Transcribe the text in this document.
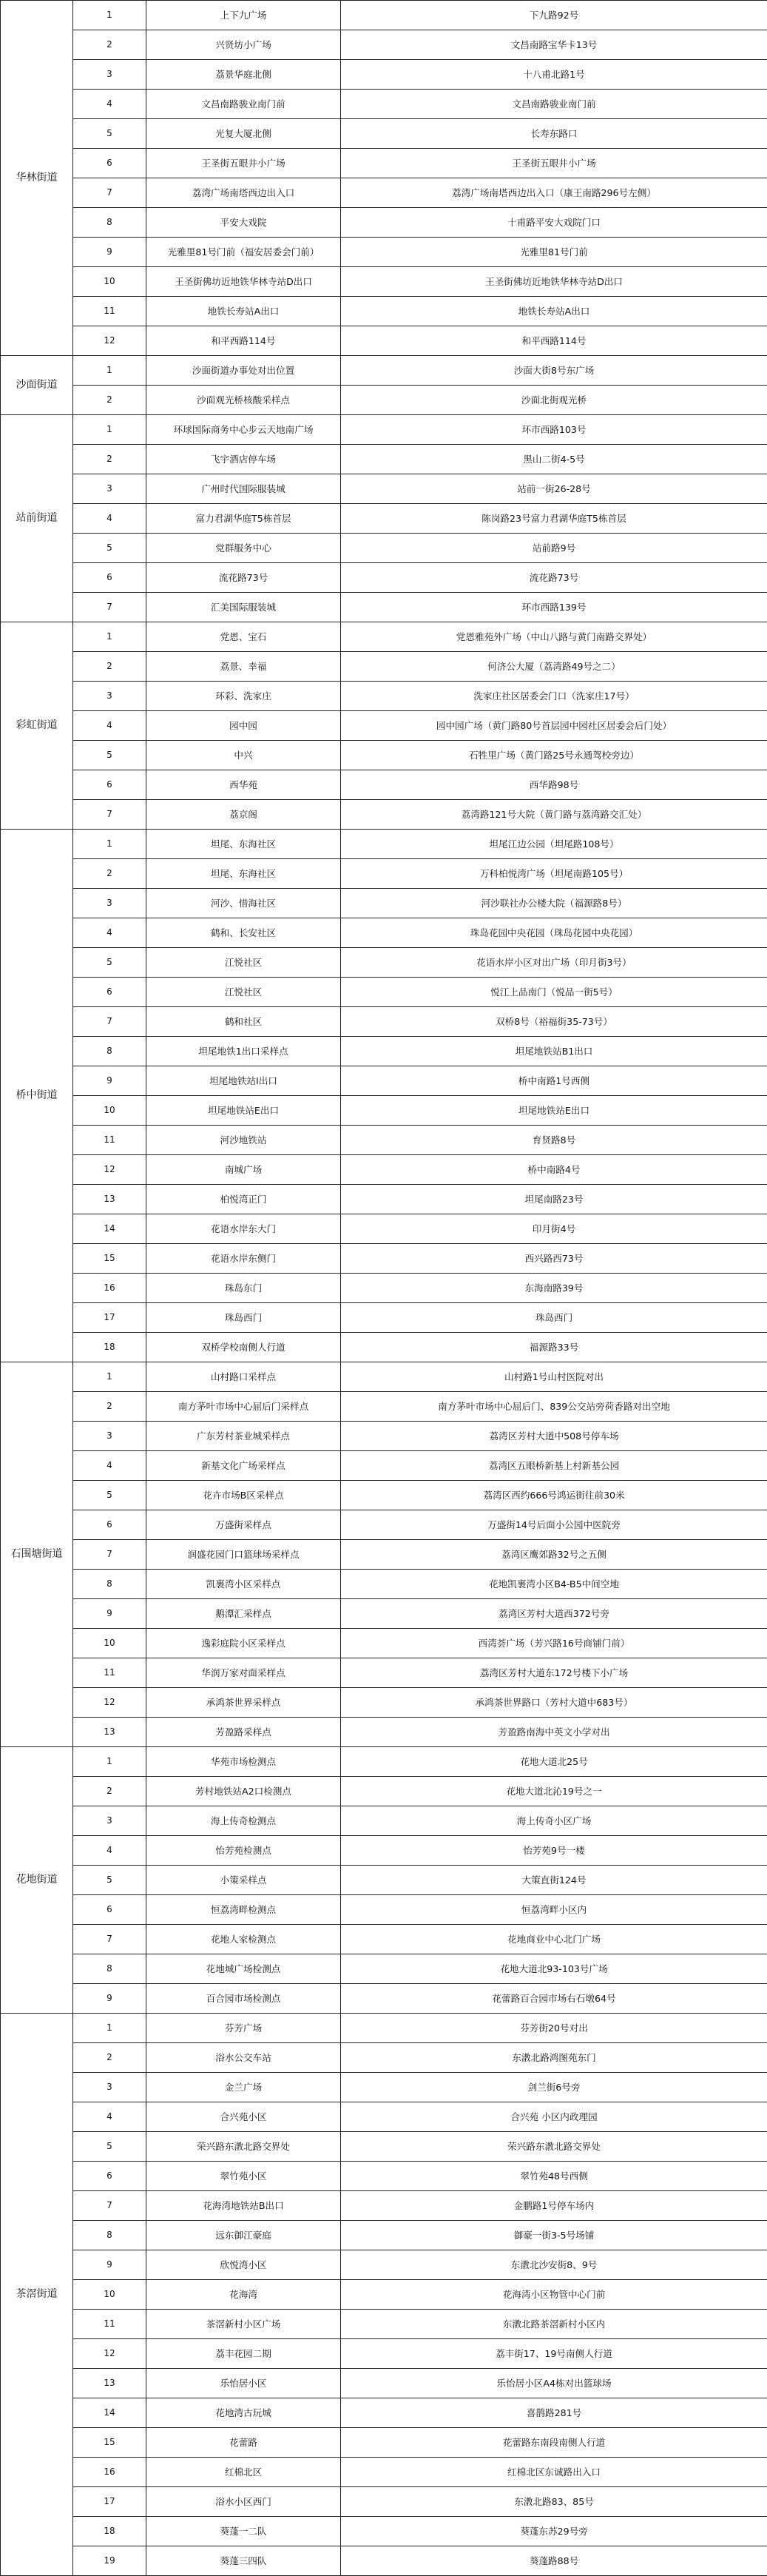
华林街道	1	上下九广场	下九路92号
	2	兴贤坊小广场	文昌南路宝华卡13号
	3	荔景华庭北侧	十八甫北路1号
	4	文昌南路骏业南门前	文昌南路骏业南门前
	5	光复大厦北侧	长寿东路口
	6	王圣街五眼井小广场	王圣街五眼井小广场
	7	荔湾广场南塔西边出入口	荔湾广场南塔西边出入口（康王南路296号左侧）
	8	平安大戏院	十甫路平安大戏院门口
	9	光雅里81号门前（福安居委会门前）	光雅里81号门前
	10	王圣街佛坊近地铁华林寺站D出口	王圣街佛坊近地铁华林寺站D出口
	11	地铁长寿站A出口	地铁长寿站A出口
	12	和平西路114号	和平西路114号
沙面街道	1	沙面街道办事处对出位置	沙面大街8号东广场
	2	沙面观光桥核酸采样点	沙面北街观光桥
站前街道	1	环球国际商务中心步云天地南广场	环市西路103号
	2	飞宇酒店停车场	黑山二街4-5号
	3	广州时代国际服装城	站前一街26-28号
	4	富力君湖华庭T5栋首层	陈岗路23号富力君湖华庭T5栋首层
	5	党群服务中心	站前路9号
	6	流花路73号	流花路73号
	7	汇美国际服装城	环市西路139号
彩虹街道	1	党恩、宝石	党恩雅苑外广场（中山八路与黄门南路交界处）
	2	荔景、幸福	何济公大厦（荔湾路49号之二）
	3	环彩、洗家庄	洗家庄社区居委会门口（洗家庄17号）
	4	园中园	园中园广场（黄门路80号首层园中园社区居委会后门处）
	5	中兴	石牲里广场（黄门路25号永通驾校旁边）
	6	西华苑	西华路98号
	7	荔京阁	荔湾路121号大院（黄门路与荔湾路交汇处）
桥中街道	1	坦尾、东海社区	坦尾江边公园（坦尾路108号）
	2	坦尾、东海社区	万科柏悦湾广场（坦尾南路105号）
	3	河沙、惜海社区	河沙联社办公楼大院（福源路8号）
	4	鹤和、长安社区	珠岛花园中央花园（珠岛花园中央花园）
	5	江悦社区	花语水岸小区对出广场（印月街3号）
	6	江悦社区	悦江上品南门（悦品一街5号）
	7	鹤和社区	双桥8号（裕福街35-73号）
	8	坦尾地铁1出口采样点	坦尾地铁站B1出口
	9	坦尾地铁站I出口	桥中南路1号西侧
	10	坦尾地铁站E出口	坦尾地铁站E出口
	11	河沙地铁站	育贤路8号
	12	南城广场	桥中南路4号
	13	柏悦湾正门	坦尾南路23号
	14	花语水岸东大门	印月街4号
	15	花语水岸东侧门	西兴路西73号
	16	珠岛东门	东海南路39号
	17	珠岛西门	珠岛西门
	18	双桥学校南侧人行道	福源路33号
石围塘街道	1	山村路口采样点	山村路1号山村医院对出
	2	南方茅叶市场中心屈后门采样点	南方茅叶市场中心屈后门、839公交站旁荷香路对出空地
	3	广东芳村茶业城采样点	荔湾区芳村大道中508号停车场
	4	新基文化广场采样点	荔湾区五眼桥新基上村新基公园
	5	花卉市场B区采样点	荔湾区西约666号鸿运街往前30米
	6	万盛街采样点	万盛街14号后面小公园中医院旁
	7	润盛花园门口篮球场采样点	荔湾区鹰郊路32号之五侧
	8	凯裹湾小区采样点	花地凯裹湾小区B4-B5中间空地
	9	鹅潭汇采样点	荔湾区芳村大道西372号旁
	10	逸彩庭院小区采样点	西湾荟广场（芳兴路16号商铺门前）
	11	华润万家对面采样点	荔湾区芳村大道东172号楼下小广场
	12	承鸿茶世界采样点	承鸿茶世界路口（芳村大道中683号）
	13	芳盈路采样点	芳盈路南海中英文小学对出
花地街道	1	华苑市场检测点	花地大道北25号
	2	芳村地铁站A2口检测点	花地大道北沁19号之一
	3	海上传奇检测点	海上传奇小区广场
	4	怡芳苑检测点	怡芳苑9号一楼
	5	小策采样点	大策直街124号
	6	恒荔湾畔检测点	恒荔湾畔小区内
	7	花地人家检测点	花地商业中心北门广场
	8	花地城广场检测点	花地大道北93-103号广场
	9	百合园市场检测点	花蕾路百合园市场右石墩64号
茶滘街道	1	芬芳广场	芬芳街20号对出
	2	浴水公交车站	东漖北路鸿图苑东门
	3	金兰广场	剑兰街6号旁
	4	合兴苑小区	合兴苑 小区内政理园
	5	荣兴路东漖北路交界处	荣兴路东漖北路交界处
	6	翠竹苑小区	翠竹苑48号西侧
	7	花海湾地铁站B出口	金鹏路1号停车场内
	8	远东御江豪庭	御豪一街3-5号场铺
	9	欣悦湾小区	东漖北沙安街8、9号
	10	花海湾	花海湾小区物管中心门前
	11	茶滘新村小区广场	东漖北路茶滘新村小区内
	12	荔丰花园二期	荔丰街17、19号南侧人行道
	13	乐怡居小区	乐怡居小区A4栋对出篮球场
	14	花地湾古玩城	喜鹊路281号
	15	花蕾路	花蕾路东南段南侧人行道
	16	红棉北区	红棉北区东诚路出入口
	17	浴水小区西门	东漖北路83、85号
	18	葵蓬一二队	葵蓬东苏29号旁
	19	葵蓬三四队	葵蓬路88号
